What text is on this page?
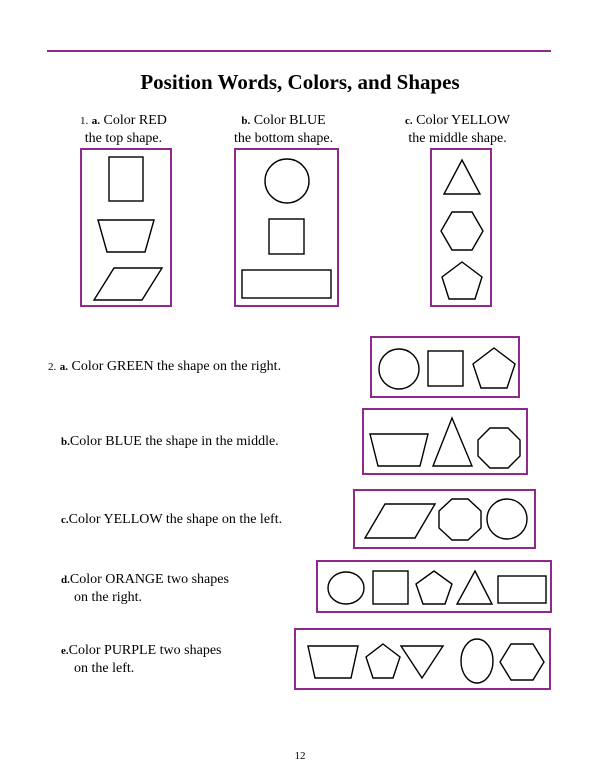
Position Words, Colors, and Shapes
1. a. Color RED
the top shape.
b. Color BLUE
the bottom shape.
c. Color YELLOW
the middle shape.
2. a. Color GREEN the shape on the right.
b.Color BLUE the shape in the middle.
c.Color YELLOW the shape on the left.
d.Color ORANGE two shapes
on the right.
e.Color PURPLE two shapes
on the left.
12
